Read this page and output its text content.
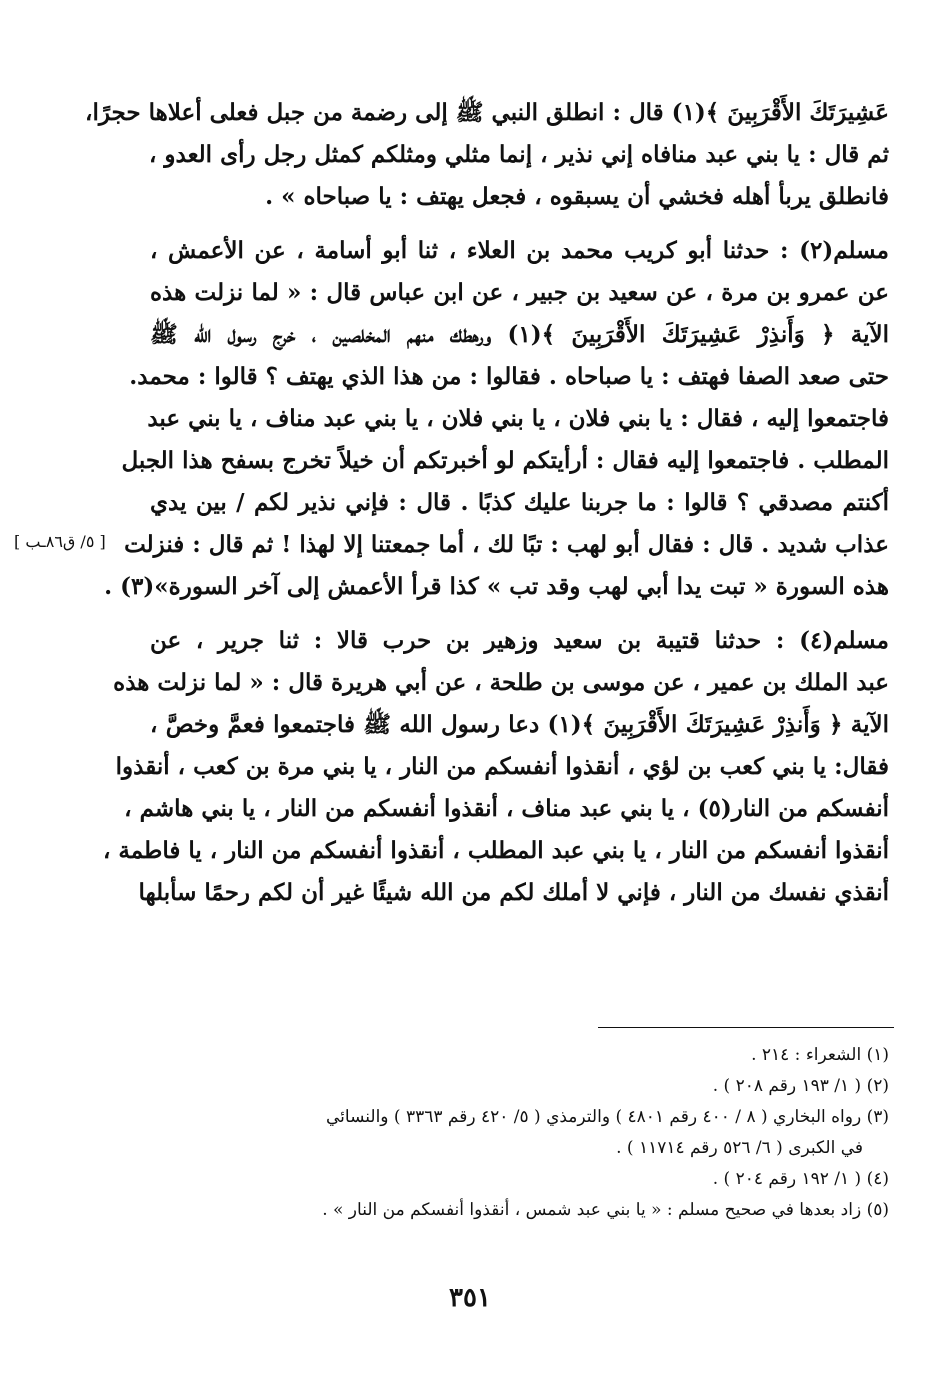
عَشِيرَتَكَ الأَقْرَبِينَ ﴾(١) قال : انطلق النبي ﷺ إلى رضمة من جبل فعلى أعلاها حجرًا،
ثم قال : يا بني عبد منافاه إني نذير ، إنما مثلي ومثلكم كمثل رجل رأى العدو ،
فانطلق يربأ أهله فخشي أن يسبقوه ، فجعل يهتف : يا صباحاه » .
مسلم(٢) : حدثنا أبو كريب محمد بن العلاء ، ثنا أبو أسامة ، عن الأعمش ،
عن عمرو بن مرة ، عن سعيد بن جبير ، عن ابن عباس قال : « لما نزلت هذه
الآية ﴿ وَأَنذِرْ عَشِيرَتَكَ الأَقْرَبِينَ ﴾(١) ورهطك منهم المخلصين ، خرج رسول الله ﷺ
حتى صعد الصفا فهتف : يا صباحاه . فقالوا : من هذا الذي يهتف ؟ قالوا : محمد.
فاجتمعوا إليه ، فقال : يا بني فلان ، يا بني فلان ، يا بني عبد مناف ، يا بني عبد
المطلب . فاجتمعوا إليه فقال : أرأيتكم لو أخبرتكم أن خيلاً تخرج بسفح هذا الجبل
أكنتم مصدقي ؟ قالوا : ما جربنا عليك كذبًا . قال : فإني نذير لكم / بين يدي
عذاب شديد . قال : فقال أبو لهب : تبًا لك ، أما جمعتنا إلا لهذا ! ثم قال : فنزلت
هذه السورة « تبت يدا أبي لهب وقد تب » كذا قرأ الأعمش إلى آخر السورة»(٣) .
مسلم(٤) : حدثنا قتيبة بن سعيد وزهير بن حرب قالا : ثنا جرير ، عن
عبد الملك بن عمير ، عن موسى بن طلحة ، عن أبي هريرة قال : « لما نزلت هذه
الآية ﴿ وَأَنذِرْ عَشِيرَتَكَ الأَقْرَبِينَ ﴾(١) دعا رسول الله ﷺ فاجتمعوا فعمَّ وخصَّ ،
فقال: يا بني كعب بن لؤي ، أنقذوا أنفسكم من النار ، يا بني مرة بن كعب ، أنقذوا
أنفسكم من النار(٥) ، يا بني عبد مناف ، أنقذوا أنفسكم من النار ، يا بني هاشم ،
أنقذوا أنفسكم من النار ، يا بني عبد المطلب ، أنقذوا أنفسكم من النار ، يا فاطمة ،
أنقذي نفسك من النار ، فإني لا أملك لكم من الله شيئًا غير أن لكم رحمًا سأبلها
[ ٥/ ق٨٦ـب ]
(١) الشعراء : ٢١٤ .
(٢) ( ١/ ١٩٣ رقم ٢٠٨ ) .
(٣) رواه البخاري ( ٨ / ٤٠٠ رقم ٤٨٠١ ) والترمذي ( ٥/ ٤٢٠ رقم ٣٣٦٣ ) والنسائي
في الكبرى ( ٦/ ٥٢٦ رقم ١١٧١٤ ) .
(٤) ( ١/ ١٩٢ رقم ٢٠٤ ) .
(٥) زاد بعدها في صحيح مسلم : « يا بني عبد شمس ، أنقذوا أنفسكم من النار » .
٣٥١
